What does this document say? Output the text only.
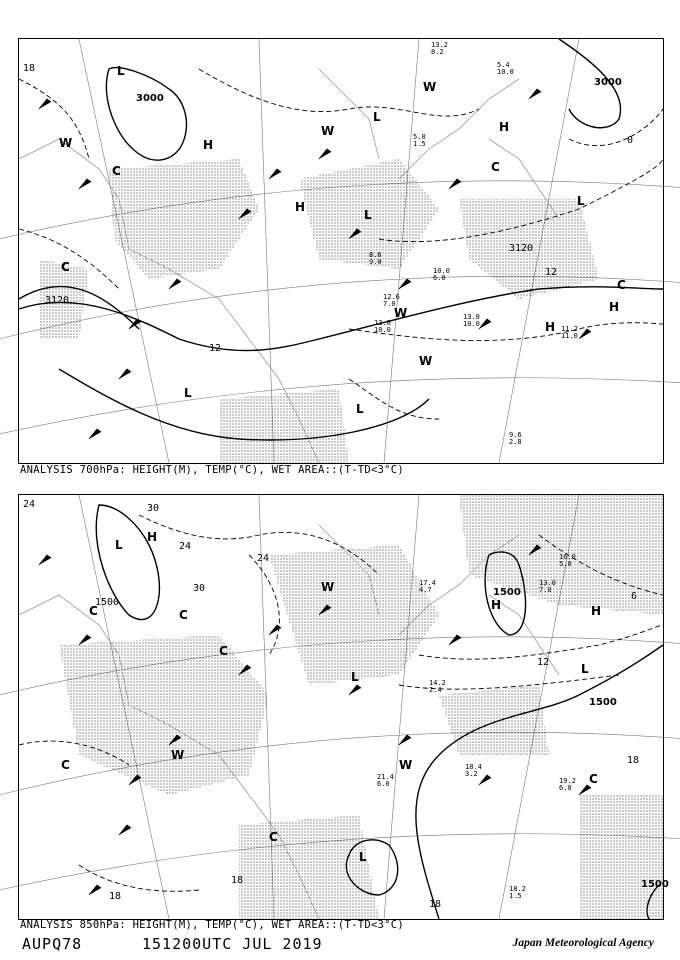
3000
3000
3120
3120
18
12
12
0
L
L
L
L
L
L
H
H
H
H
H
W
W
W
W
W
C
C
C
C
11.2
11.0
13.0
10.0
9.6
2.8
12.6
7.0
13.0
10.0
8.6
9.0
10.0
6.0
5.0
1.5
13.2
8.2
5.4
10.0
ANALYSIS 700hPa: HEIGHT(M), TEMP(°C), WET AREA::(T-TD<3°C)
1500
1500
1500
1500
24
24
30
30
24
18
18
18
18
12
6
H
H	H
L
L
L
L
W
W
W
C
C
C
C
C
C
18.4
3.2
18.2
1.5
19.2
6.0
21.4
6.0
13.0
7.0
16.0
5.0
17.4
4.7
14.2
2.4
ANALYSIS 850hPa: HEIGHT(M), TEMP(°C), WET AREA::(T-TD<3°C)
AUPQ78	151200UTC JUL 2019	Japan Meteorological Agency
